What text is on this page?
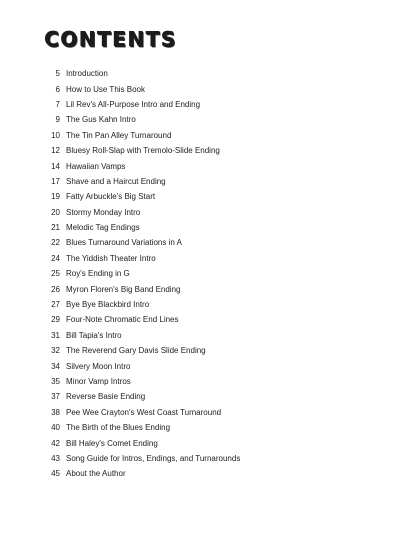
CONTENTS
5 Introduction
6 How to Use This Book
7 Lil Rev's All-Purpose Intro and Ending
9 The Gus Kahn Intro
10 The Tin Pan Alley Turnaround
12 Bluesy Roll-Slap with Tremolo-Slide Ending
14 Hawaiian Vamps
17 Shave and a Haircut Ending
19 Fatty Arbuckle's Big Start
20 Stormy Monday Intro
21 Melodic Tag Endings
22 Blues Turnaround Variations in A
24 The Yiddish Theater Intro
25 Roy's Ending in G
26 Myron Floren's Big Band Ending
27 Bye Bye Blackbird Intro
29 Four-Note Chromatic End Lines
31 Bill Tapia's Intro
32 The Reverend Gary Davis Slide Ending
34 Silvery Moon Intro
35 Minor Vamp Intros
37 Reverse Basie Ending
38 Pee Wee Crayton's West Coast Turnaround
40 The Birth of the Blues Ending
42 Bill Haley's Comet Ending
43 Song Guide for Intros, Endings, and Turnarounds
45 About the Author
